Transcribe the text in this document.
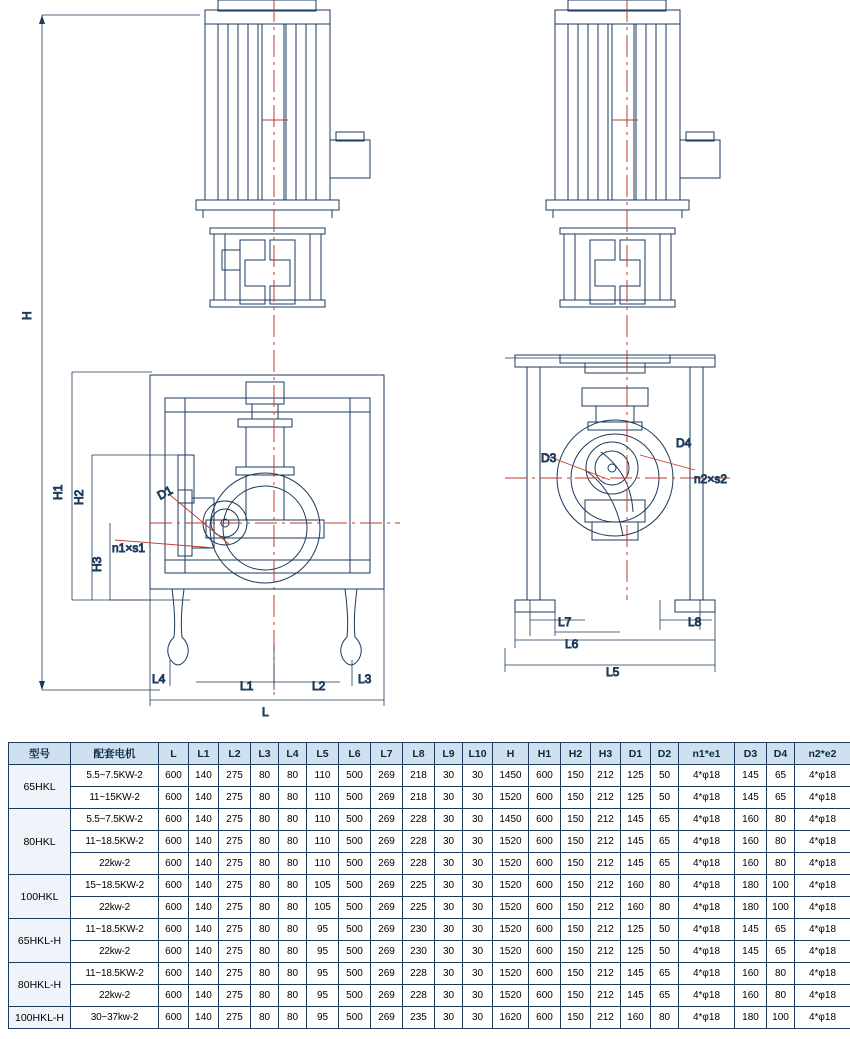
H
H1 H2
H3
D1
n1×s1
L4	L1	L2	L3
L
D3
D4
n2×s2
L7
L6
L8
L5
型号	配套电机	L	L1	L2	L3	L4	L5	L6	L7	L8	L9	L10	H	H1	H2	H3	D1	D2	n1*e1	D3	D4	n2*e2
65HKL	5.5~7.5KW-2	600	140	275	80	80	110	500	269	218	30	30	1450	600	150	212	125	50	4*φ18	145	65	4*φ18
	11~15KW-2	600	140	275	80	80	110	500	269	218	30	30	1520	600	150	212	125	50	4*φ18	145	65	4*φ18
80HKL	5.5~7.5KW-2	600	140	275	80	80	110	500	269	228	30	30	1450	600	150	212	145	65	4*φ18	160	80	4*φ18
	11~18.5KW-2	600	140	275	80	80	110	500	269	228	30	30	1520	600	150	212	145	65	4*φ18	160	80	4*φ18
	22kw-2	600	140	275	80	80	110	500	269	228	30	30	1520	600	150	212	145	65	4*φ18	160	80	4*φ18
100HKL	15~18.5KW-2	600	140	275	80	80	105	500	269	225	30	30	1520	600	150	212	160	80	4*φ18	180	100	4*φ18
	22kw-2	600	140	275	80	80	105	500	269	225	30	30	1520	600	150	212	160	80	4*φ18	180	100	4*φ18
65HKL-H	11~18.5KW-2	600	140	275	80	80	95	500	269	230	30	30	1520	600	150	212	125	50	4*φ18	145	65	4*φ18
	22kw-2	600	140	275	80	80	95	500	269	230	30	30	1520	600	150	212	125	50	4*φ18	145	65	4*φ18
80HKL-H	11~18.5KW-2	600	140	275	80	80	95	500	269	228	30	30	1520	600	150	212	145	65	4*φ18	160	80	4*φ18
	22kw-2	600	140	275	80	80	95	500	269	228	30	30	1520	600	150	212	145	65	4*φ18	160	80	4*φ18
100HKL-H	30~37kw-2	600	140	275	80	80	95	500	269	235	30	30	1620	600	150	212	160	80	4*φ18	180	100	4*φ18
